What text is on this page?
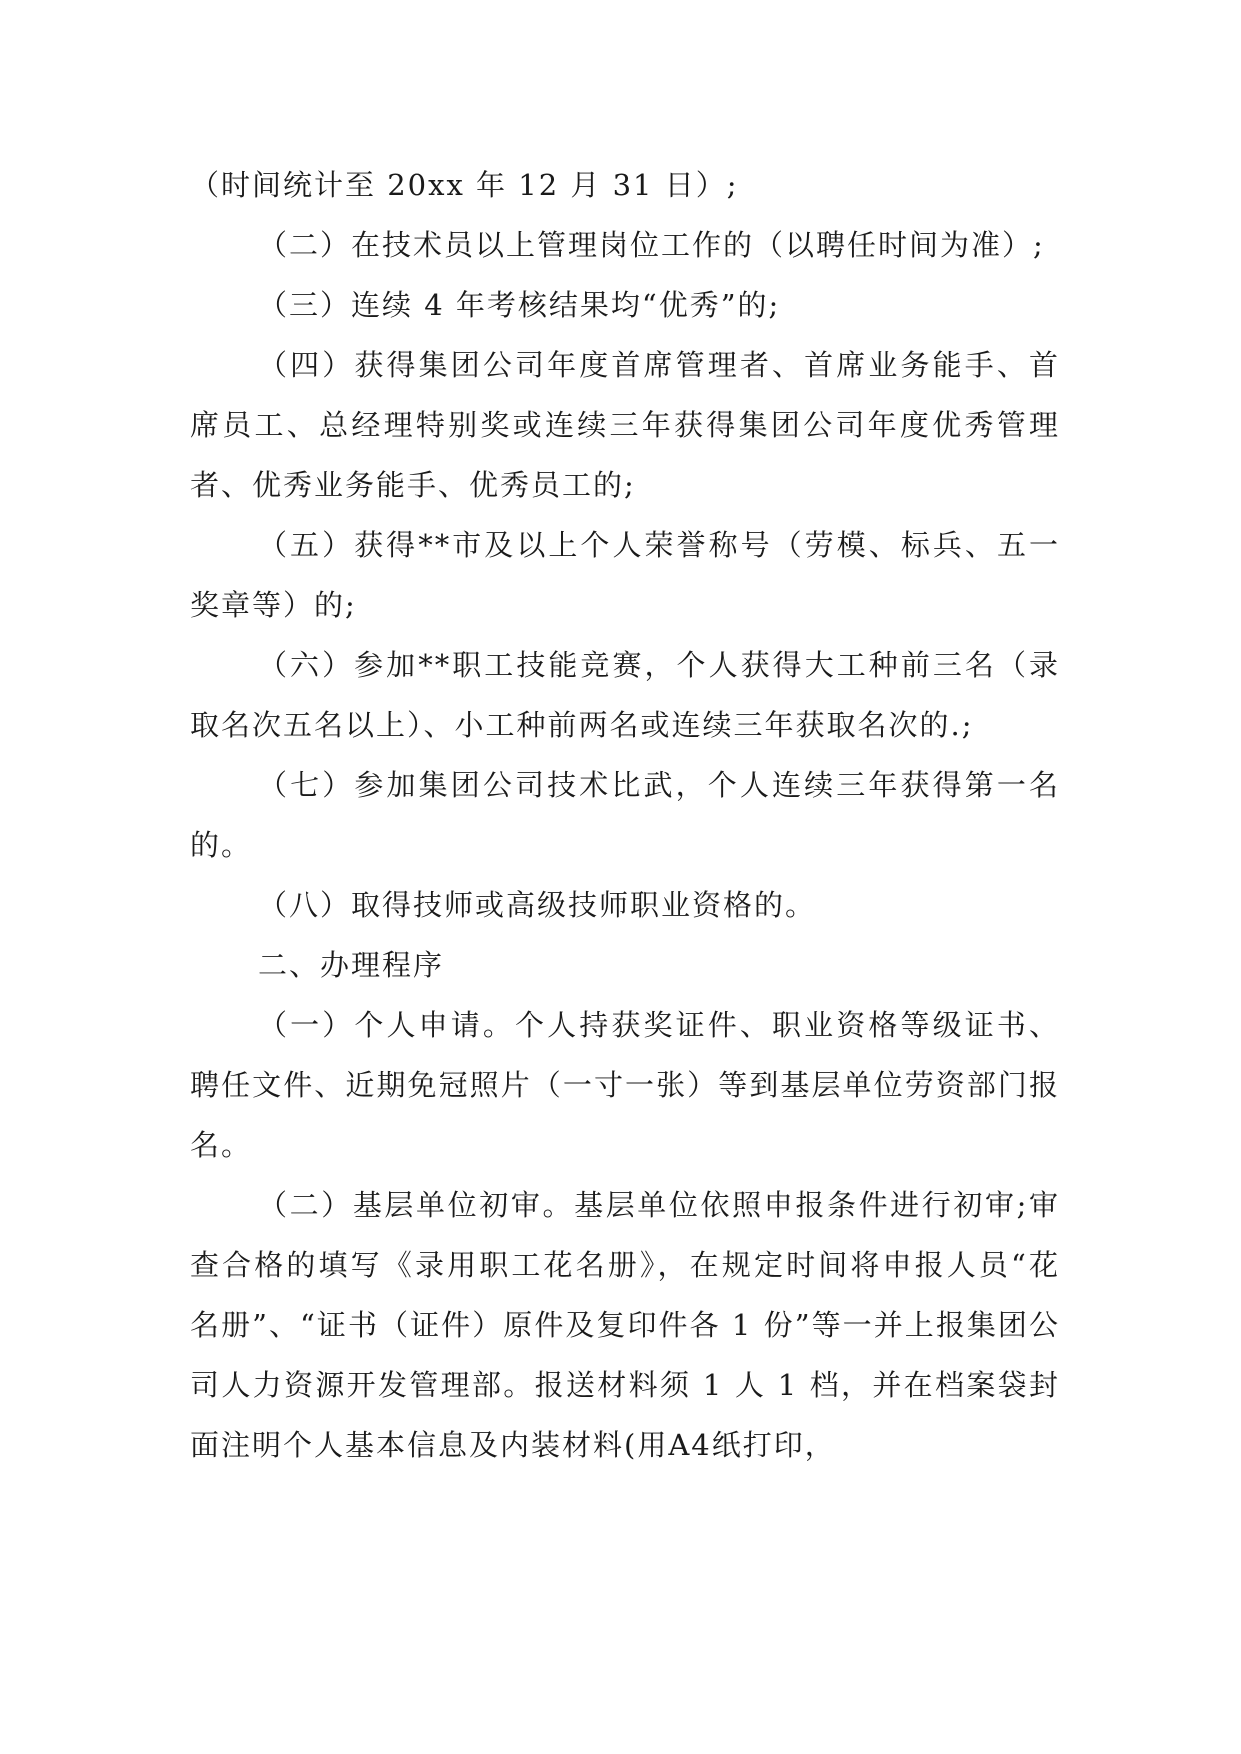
（时间统计至 20xx 年 12 月 31 日）;

（二）在技术员以上管理岗位工作的（以聘任时间为准）;

（三）连续 4 年考核结果均“优秀”的;

（四）获得集团公司年度首席管理者、首席业务能手、首席员工、总经理特别奖或连续三年获得集团公司年度优秀管理者、优秀业务能手、优秀员工的;

（五）获得**市及以上个人荣誉称号（劳模、标兵、五一奖章等）的;

（六）参加**职工技能竞赛，个人获得大工种前三名（录取名次五名以上）、小工种前两名或连续三年获取名次的.;

（七）参加集团公司技术比武，个人连续三年获得第一名的。

（八）取得技师或高级技师职业资格的。

二、办理程序

（一）个人申请。个人持获奖证件、职业资格等级证书、聘任文件、近期免冠照片（一寸一张）等到基层单位劳资部门报名。

（二）基层单位初审。基层单位依照申报条件进行初审;审查合格的填写《录用职工花名册》，在规定时间将申报人员“花名册”、“证书（证件）原件及复印件各 1 份”等一并上报集团公司人力资源开发管理部。报送材料须 1 人 1 档，并在档案袋封面注明个人基本信息及内装材料(用A4纸打印，
